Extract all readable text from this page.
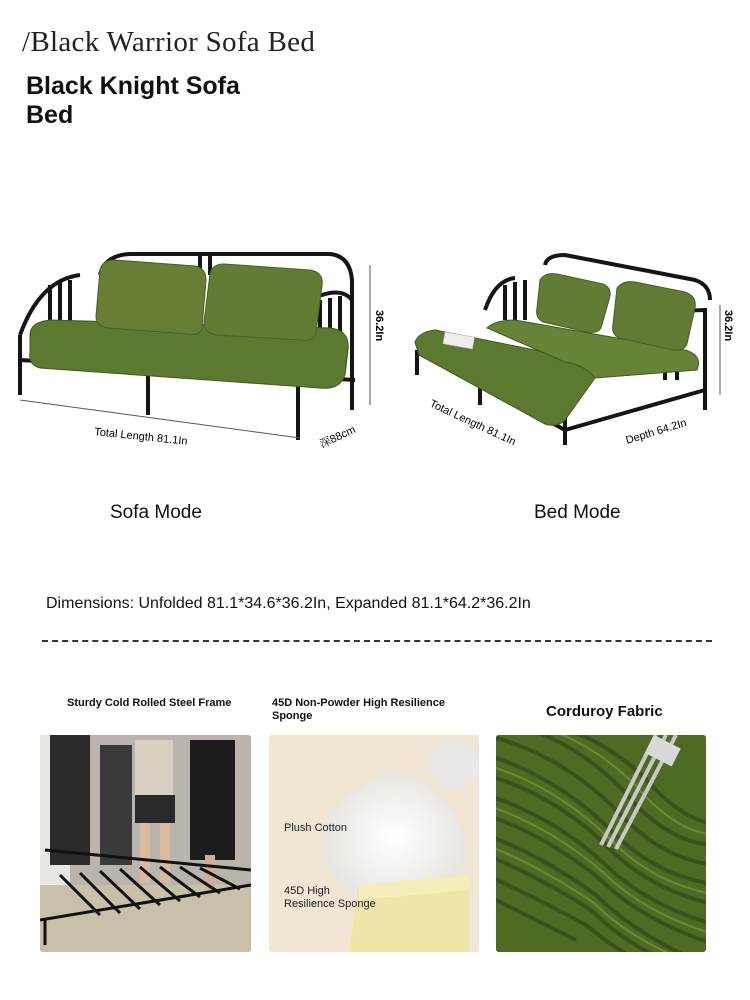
/Black Warrior Sofa Bed
Black Knight Sofa Bed
36.2In
Total Length 81.1In	深88cm
36.2In
Total Length 81.1In	Depth 64.2In
Sofa Mode	Bed Mode
Dimensions: Unfolded 81.1*34.6*36.2In, Expanded 81.1*64.2*36.2In
Sturdy Cold Rolled Steel Frame	45D Non-Powder High Resilience Sponge
Plush Cotton
45D High
Resilience Sponge
Corduroy Fabric
